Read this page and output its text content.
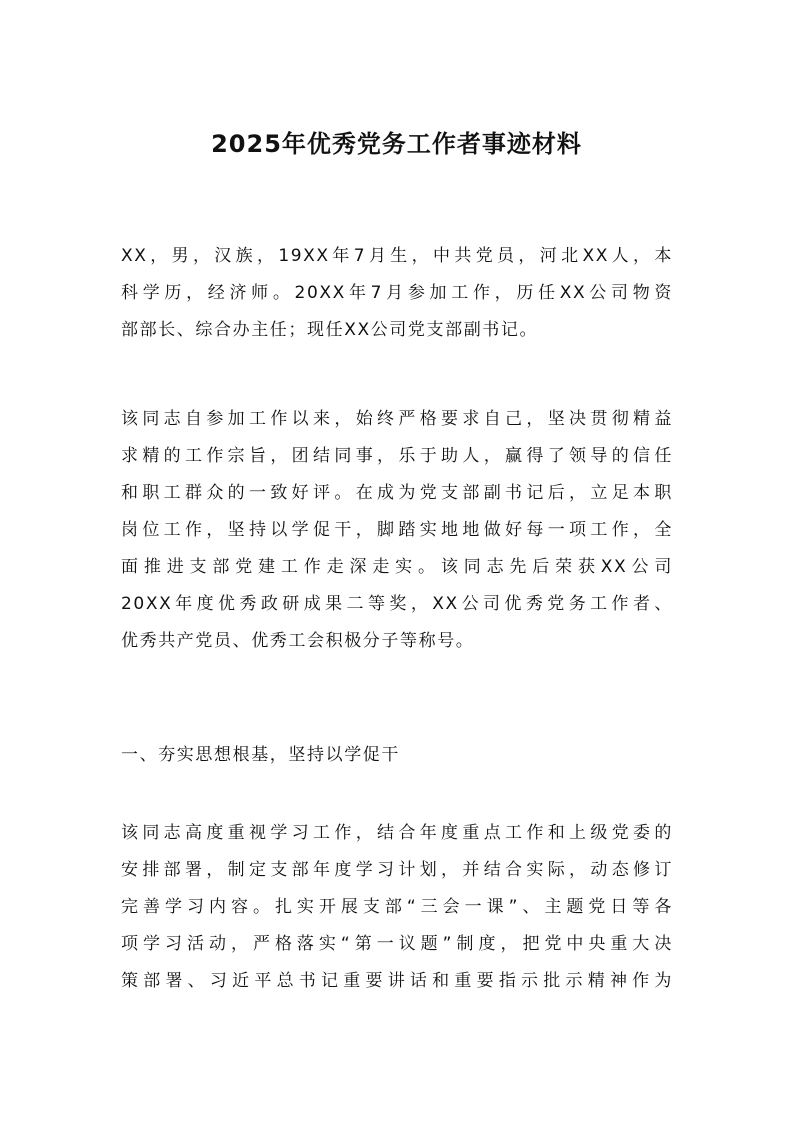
2025年优秀党务工作者事迹材料
XX，男，汉族，19XX年7月生，中共党员，河北XX人，本
科学历，经济师。20XX年7月参加工作，历任XX公司物资
部部长、综合办主任；现任XX公司党支部副书记。
该同志自参加工作以来，始终严格要求自己，坚决贯彻精益
求精的工作宗旨，团结同事，乐于助人，赢得了领导的信任
和职工群众的一致好评。在成为党支部副书记后，立足本职
岗位工作，坚持以学促干，脚踏实地地做好每一项工作，全
面推进支部党建工作走深走实。该同志先后荣获XX公司
20XX年度优秀政研成果二等奖，XX公司优秀党务工作者、
优秀共产党员、优秀工会积极分子等称号。
一、夯实思想根基，坚持以学促干
该同志高度重视学习工作，结合年度重点工作和上级党委的
安排部署，制定支部年度学习计划，并结合实际，动态修订
完善学习内容。扎实开展支部“三会一课”、主题党日等各
项学习活动，严格落实“第一议题”制度，把党中央重大决
策部署、习近平总书记重要讲话和重要指示批示精神作为
